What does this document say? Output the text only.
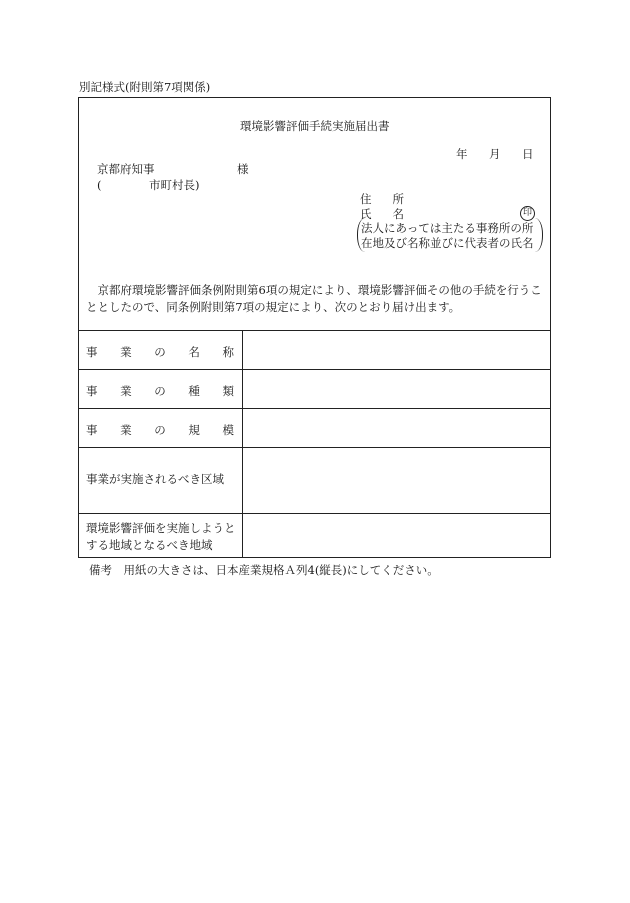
別記様式(附則第7項関係)
環境影響評価手続実施届出書
年 月 日
京都府知事	様
(	市町村長)
住 所
氏 名	印
法人にあっては主たる事務所の所
在地及び名称並びに代表者の氏名
京都府環境影響評価条例附則第6項の規定により、環境影響評価その他の手続を行うこととしたので、同条例附則第7項の規定により、次のとおり届け出ます。
事 業 の 名 称
事 業 の 種 類
事 業 の 規 模
事業が実施されるべき区域
環境影響評価を実施しようとする地域となるべき地域
備考　用紙の大きさは、日本産業規格Ａ列4(縦長)にしてください。
